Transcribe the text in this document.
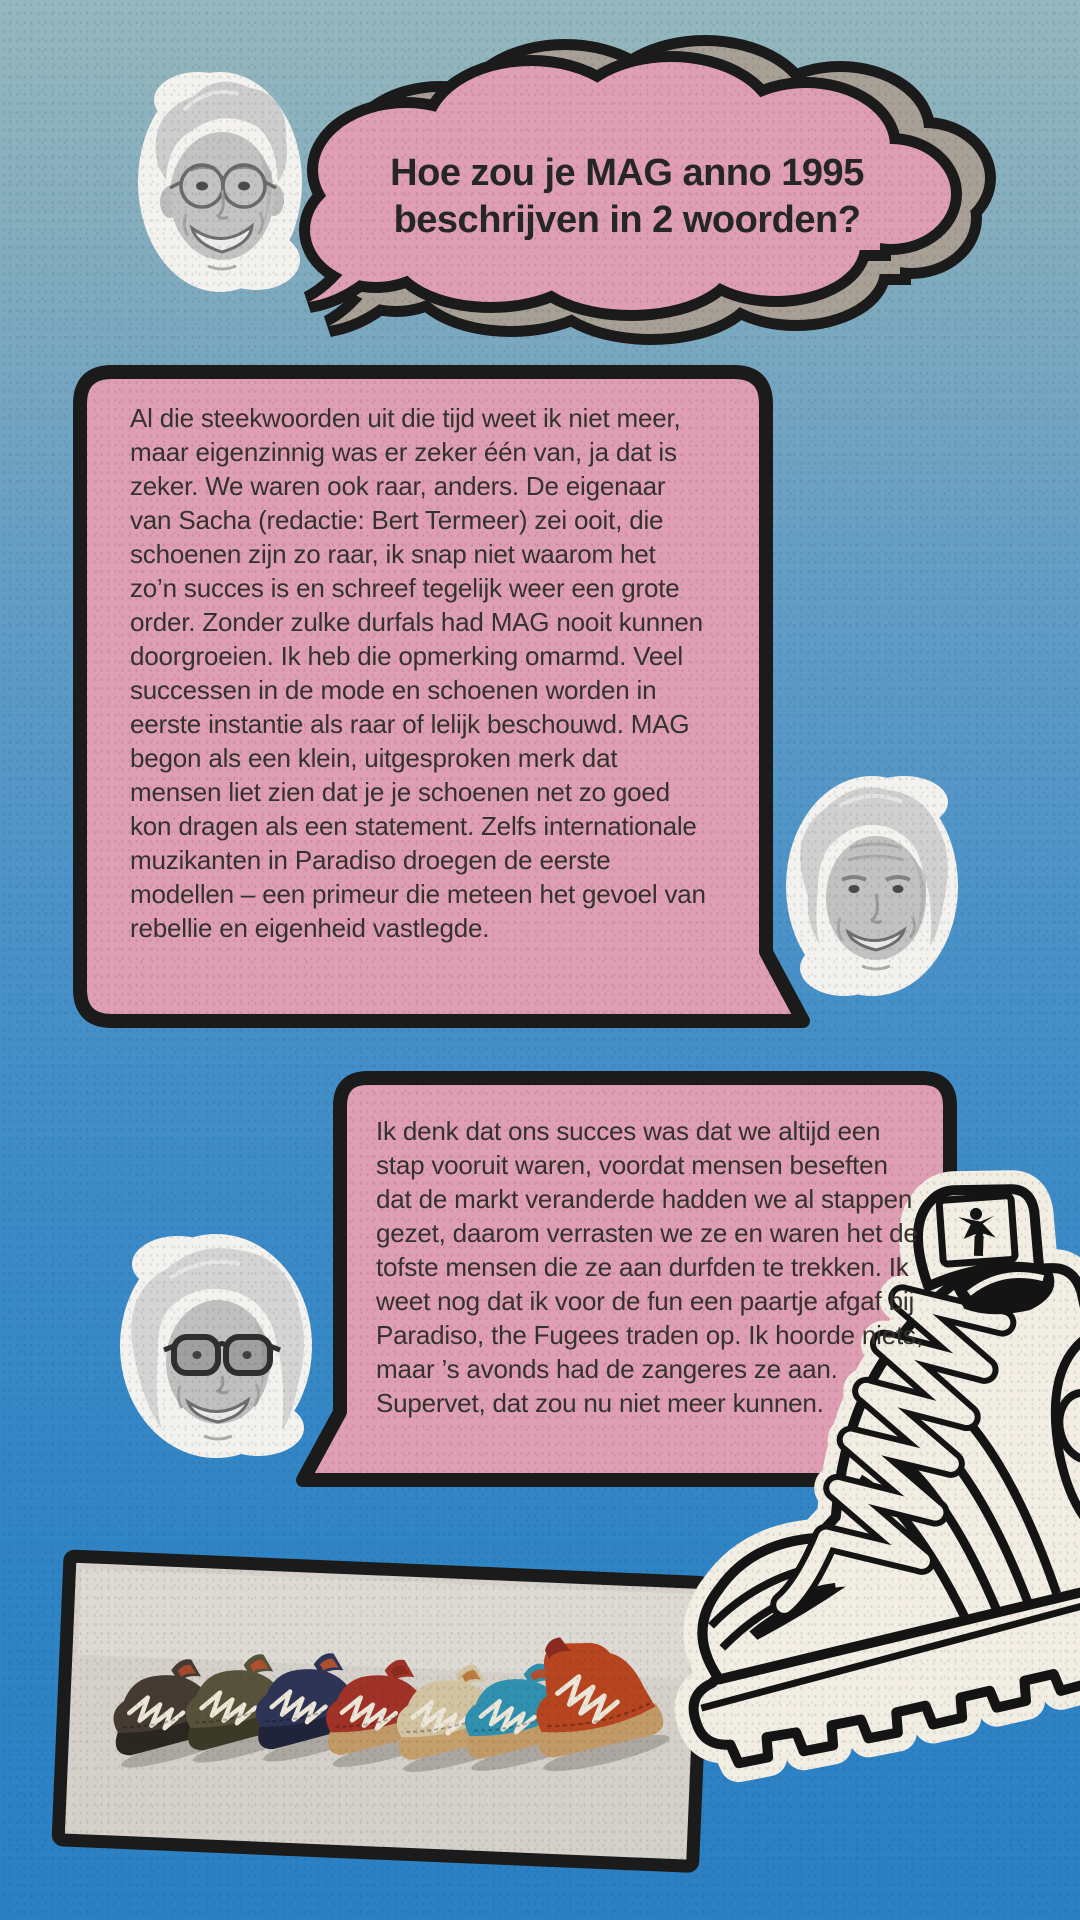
Hoe zou je MAG anno 1995
beschrijven in 2 woorden?
Al die steekwoorden uit die tijd weet ik niet meer, maar eigenzinnig was er zeker één van, ja dat is zeker. We waren ook raar, anders. De eigenaar van Sacha (redactie: Bert Termeer) zei ooit, die schoenen zijn zo raar, ik snap niet waarom het zo’n succes is en schreef tegelijk weer een grote order. Zonder zulke durfals had MAG nooit kunnen doorgroeien. Ik heb die opmerking omarmd. Veel successen in de mode en schoenen worden in eerste instantie als raar of lelijk beschouwd. MAG begon als een klein, uitgesproken merk dat mensen liet zien dat je je schoenen net zo goed kon dragen als een statement. Zelfs internationale muzikanten in Paradiso droegen de eerste modellen – een primeur die meteen het gevoel van rebellie en eigenheid vastlegde.
Ik denk dat ons succes was dat we altijd een stap vooruit waren, voordat mensen beseften dat de markt veranderde hadden we al stappen gezet, daarom verrasten we ze en waren het de tofste mensen die ze aan durfden te trekken. Ik weet nog dat ik voor de fun een paartje afgaf bij Paradiso, the Fugees traden op. Ik hoorde niets, maar ’s avonds had de zangeres ze aan. Supervet, dat zou nu niet meer kunnen.
